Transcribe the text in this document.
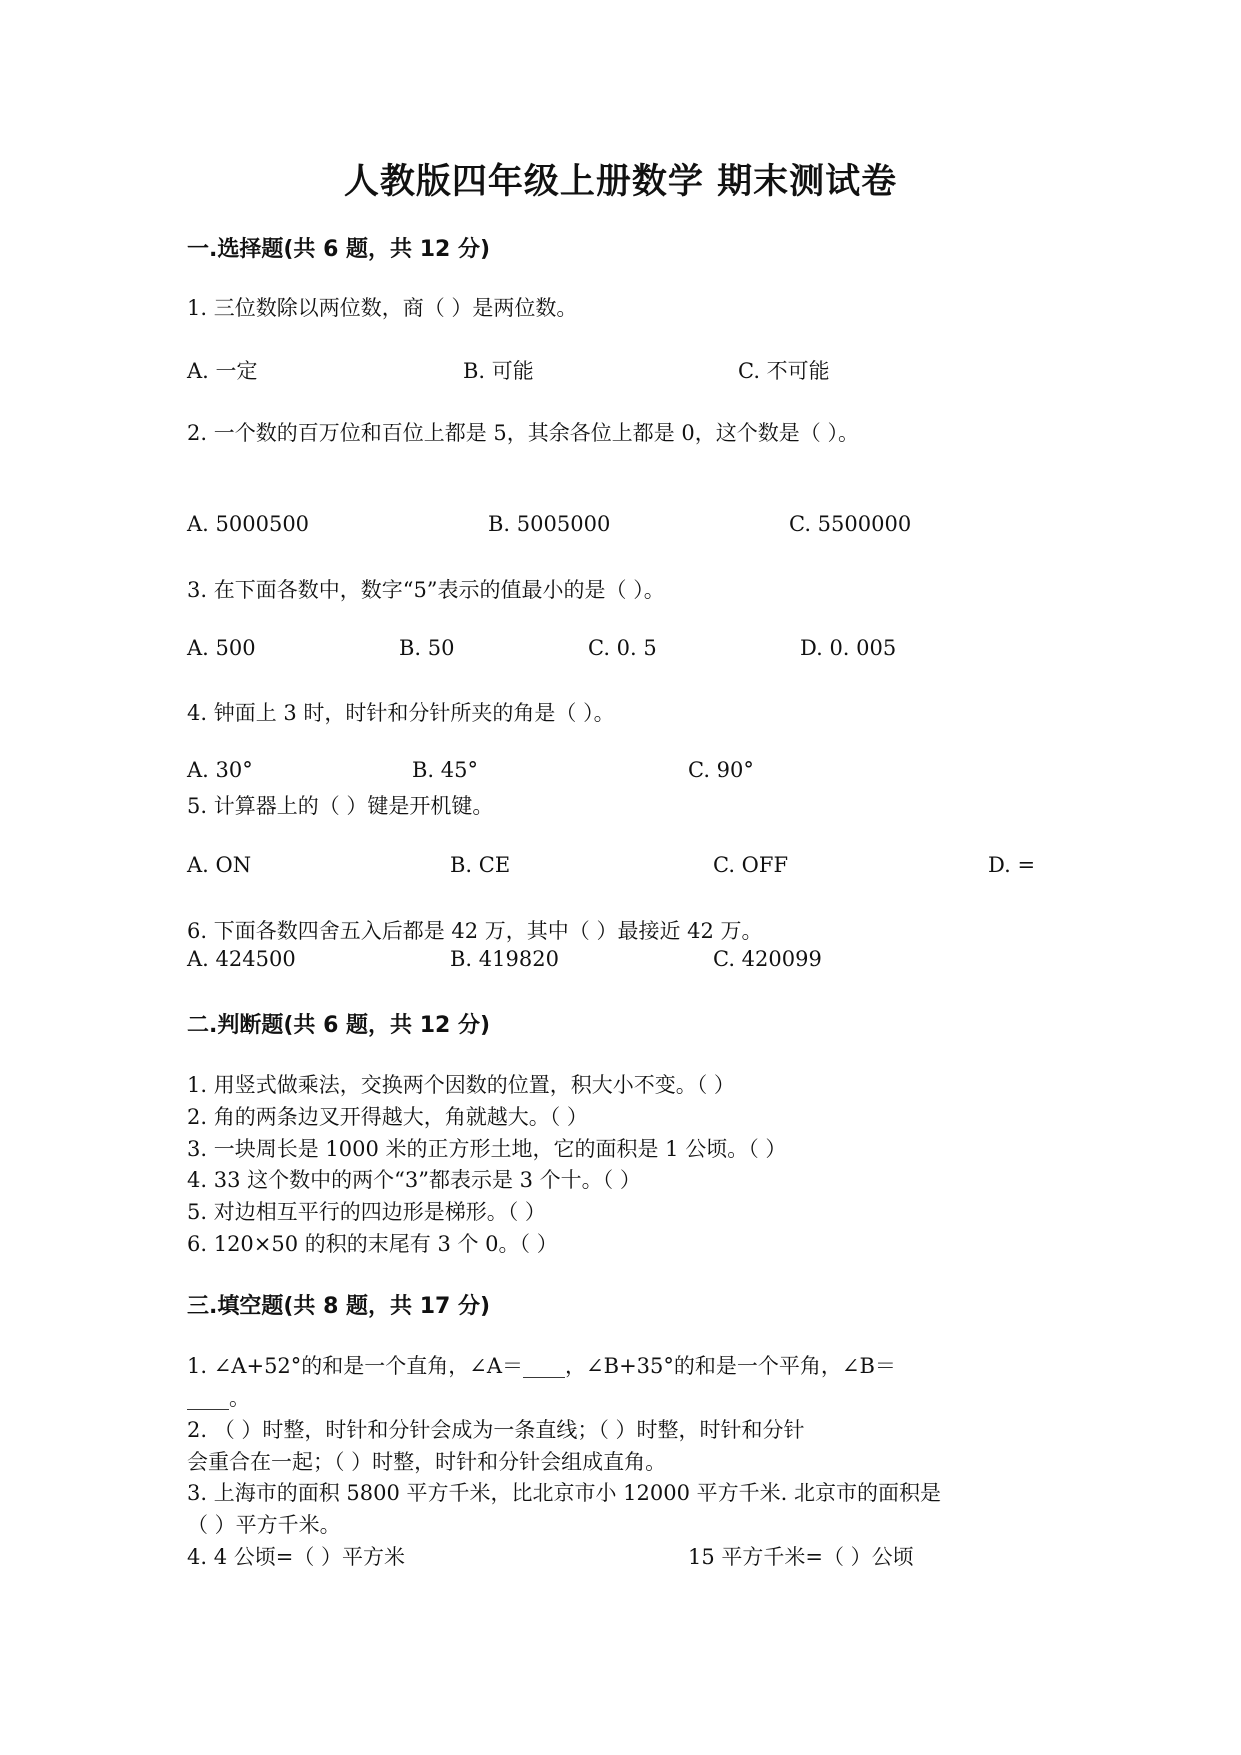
人教版四年级上册数学 期末测试卷
一.选择题(共 6 题，共 12 分)
1. 三位数除以两位数，商（ ）是两位数。
A. 一定	B. 可能	C. 不可能
2. 一个数的百万位和百位上都是 5，其余各位上都是 0，这个数是（ ）。
A. 5000500	B. 5005000	C. 5500000
3. 在下面各数中，数字“5”表示的值最小的是（ ）。
A. 500	B. 50	C. 0. 5	D. 0. 005
4. 钟面上 3 时，时针和分针所夹的角是（ ）。
A. 30°	B. 45°	C. 90°
5. 计算器上的（ ）键是开机键。
A. ON	B. CE	C. OFF	D. =
6. 下面各数四舍五入后都是 42 万，其中（ ）最接近 42 万。
A. 424500	B. 419820	C. 420099
二.判断题(共 6 题，共 12 分)
1. 用竖式做乘法，交换两个因数的位置，积大小不变。（ ）
2. 角的两条边叉开得越大，角就越大。（ ）
3. 一块周长是 1000 米的正方形土地，它的面积是 1 公顷。（ ）
4. 33 这个数中的两个“3”都表示是 3 个十。（ ）
5. 对边相互平行的四边形是梯形。（ ）
6. 120×50 的积的末尾有 3 个 0。（ ）
三.填空题(共 8 题，共 17 分)
1. ∠A+52°的和是一个直角，∠A＝____，∠B+35°的和是一个平角，∠B＝
____。
2. （ ）时整，时针和分针会成为一条直线；（ ）时整，时针和分针
会重合在一起；（ ）时整，时针和分针会组成直角。
3. 上海市的面积 5800 平方千米，比北京市小 12000 平方千米. 北京市的面积是
（ ）平方千米。
4. 4 公顷=（ ）平方米	15 平方千米=（ ）公顷
